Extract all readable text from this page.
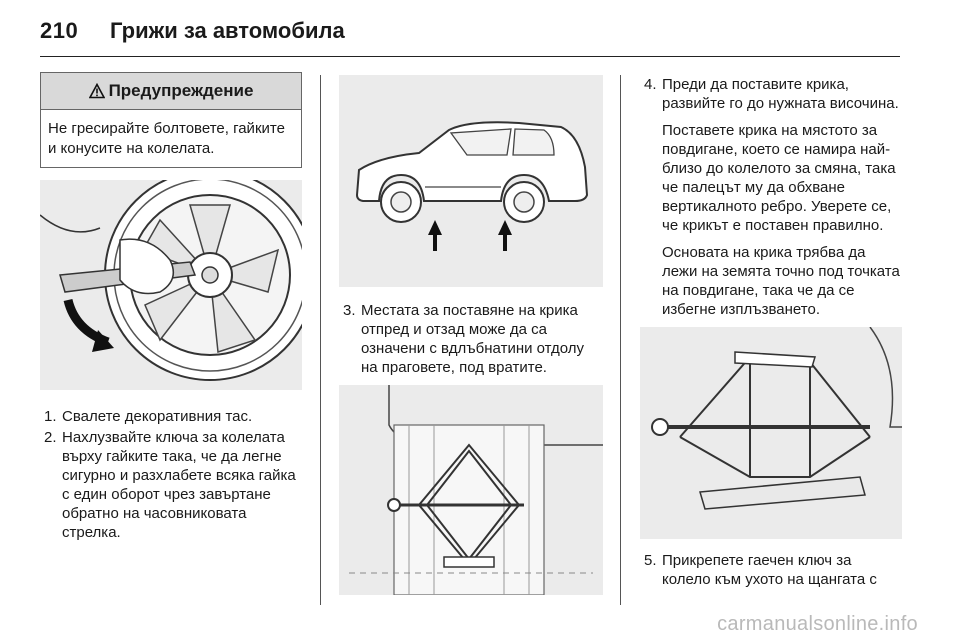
210 Грижи за автомобила
Предупреждение
Не гресирайте болтовете, гайките и конусите на колелата.
1. Свалете декоративния тас.
2. Нахлузвайте ключа за колелата върху гайките така, че да легне сигурно и разхлабете всяка гайка с един оборот чрез завъртане обратно на часовниковата стрелка.
3. Местата за поставяне на крика отпред и отзад може да са означени с вдлъбнатини отдолу на праговете, под вратите.
4. Преди да поставите крика, развийте го до нужната височина.
Поставете крика на мястото за повдигане, което се намира най-близо до колелото за смяна, така че палецът му да обхване вертикалното ребро. Уверете се, че крикът е поставен правилно.
Основата на крика трябва да лежи на земята точно под точката на повдигане, така че да се избегне изплъзването.
5. Прикрепете гаечен ключ за колело към ухото на щангата с
carmanualsonline.info
